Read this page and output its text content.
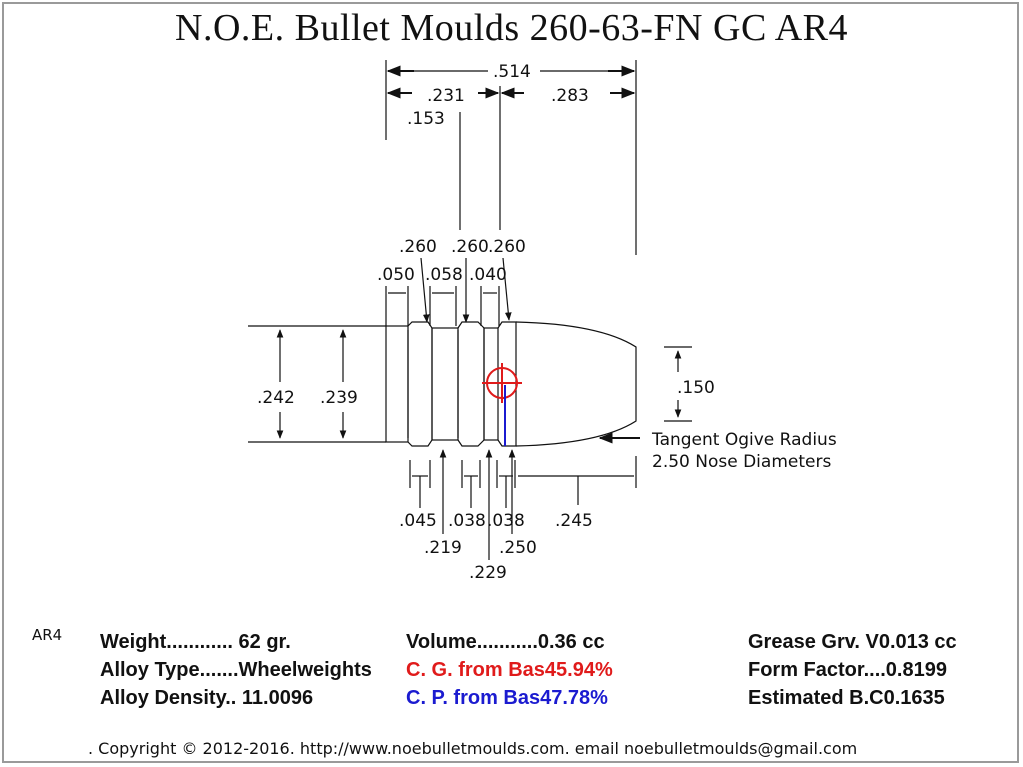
N.O.E. Bullet Moulds 260-63-FN GC AR4
.514
.231	.283
.153
.260 .260 .260
.050 .058 .040
.242 .239	.150
Tangent Ogive Radius
2.50 Nose Diameters
.045 .038 .038 .245
.219 .250
.229
AR4 Weight............ 62 gr.
Alloy Type.......Wheelweights
Alloy Density.. 11.0096
Volume...........0.36 cc
C. G. from Bas45.94%
C. P. from Bas47.78%
Grease Grv. V0.013 cc
Form Factor....0.8199
Estimated B.C0.1635
. Copyright © 2012-2016. http://www.noebulletmoulds.com. email noebulletmoulds@gmail.com
